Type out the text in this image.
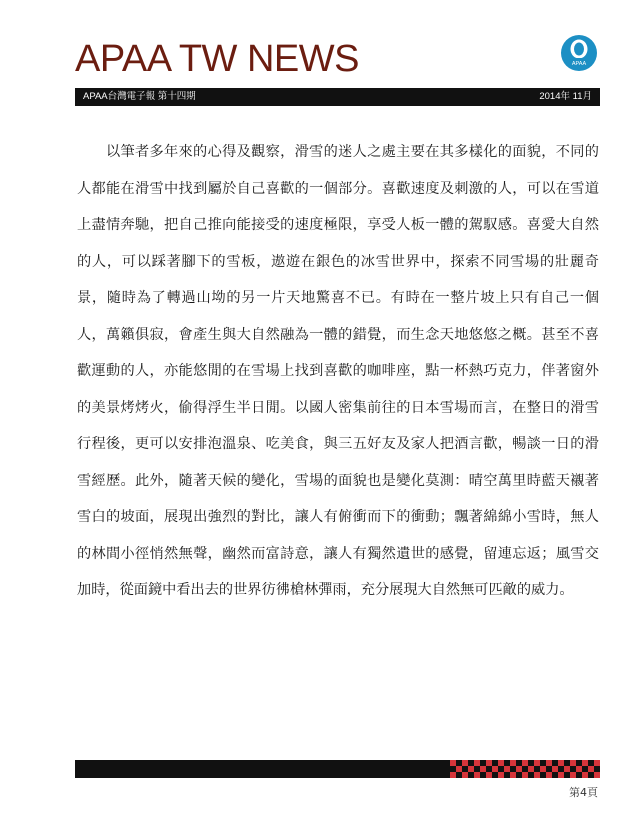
APAA TW NEWS	APAA
APAA台灣電子報 第十四期	2014年 11月

以筆者多年來的心得及觀察，滑雪的迷人之處主要在其多樣化的面貌，不同的人都能在滑雪中找到屬於自己喜歡的一個部分。喜歡速度及刺激的人，可以在雪道上盡情奔馳，把自己推向能接受的速度極限，享受人板一體的駕馭感。喜愛大自然的人，可以踩著腳下的雪板，遨遊在銀色的冰雪世界中，探索不同雪場的壯麗奇景，隨時為了轉過山坳的另一片天地驚喜不已。有時在一整片坡上只有自己一個人，萬籟俱寂，會產生與大自然融為一體的錯覺，而生念天地悠悠之概。甚至不喜歡運動的人，亦能悠閒的在雪場上找到喜歡的咖啡座，點一杯熱巧克力，伴著窗外的美景烤烤火，偷得浮生半日閒。以國人密集前往的日本雪場而言，在整日的滑雪行程後，更可以安排泡溫泉、吃美食，與三五好友及家人把酒言歡，暢談一日的滑雪經歷。此外，隨著天候的變化，雪場的面貌也是變化莫測：晴空萬里時藍天襯著雪白的坡面，展現出強烈的對比，讓人有俯衝而下的衝動；飄著綿綿小雪時，無人的林間小徑悄然無聲，幽然而富詩意，讓人有獨然遺世的感覺，留連忘返；風雪交加時，從面鏡中看出去的世界彷彿槍林彈雨，充分展現大自然無可匹敵的威力。

第4頁
